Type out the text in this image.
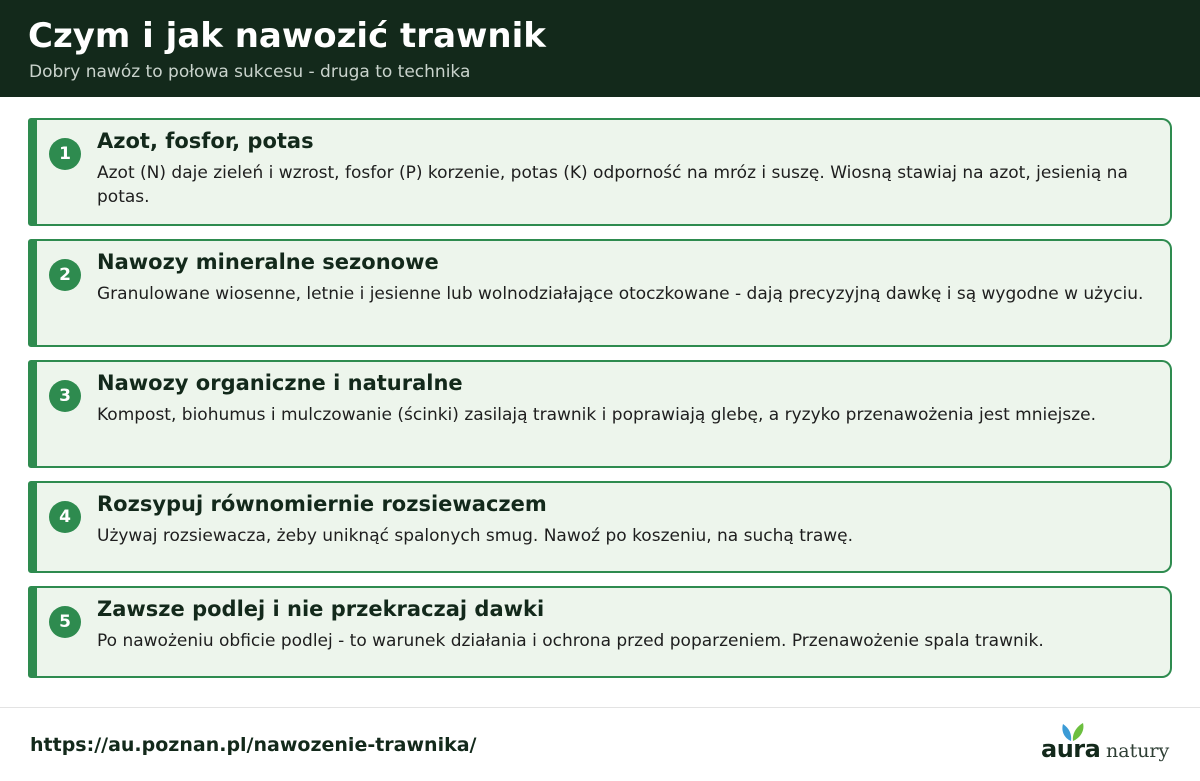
Czym i jak nawozić trawnik
Dobry nawóz to połowa sukcesu - druga to technika
1
Azot, fosfor, potas
Azot (N) daje zieleń i wzrost, fosfor (P) korzenie, potas (K) odporność na mróz i suszę. Wiosną stawiaj na azot, jesienią na potas.
2
Nawozy mineralne sezonowe
Granulowane wiosenne, letnie i jesienne lub wolnodziałające otoczkowane - dają precyzyjną dawkę i są wygodne w użyciu.
3
Nawozy organiczne i naturalne
Kompost, biohumus i mulczowanie (ścinki) zasilają trawnik i poprawiają glebę, a ryzyko przenawożenia jest mniejsze.
4
Rozsypuj równomiernie rozsiewaczem
Używaj rozsiewacza, żeby uniknąć spalonych smug. Nawoź po koszeniu, na suchą trawę.
5
Zawsze podlej i nie przekraczaj dawki
Po nawożeniu obficie podlej - to warunek działania i ochrona przed poparzeniem. Przenawożenie spala trawnik.
https://au.poznan.pl/nawozenie-trawnika/	aura natury
